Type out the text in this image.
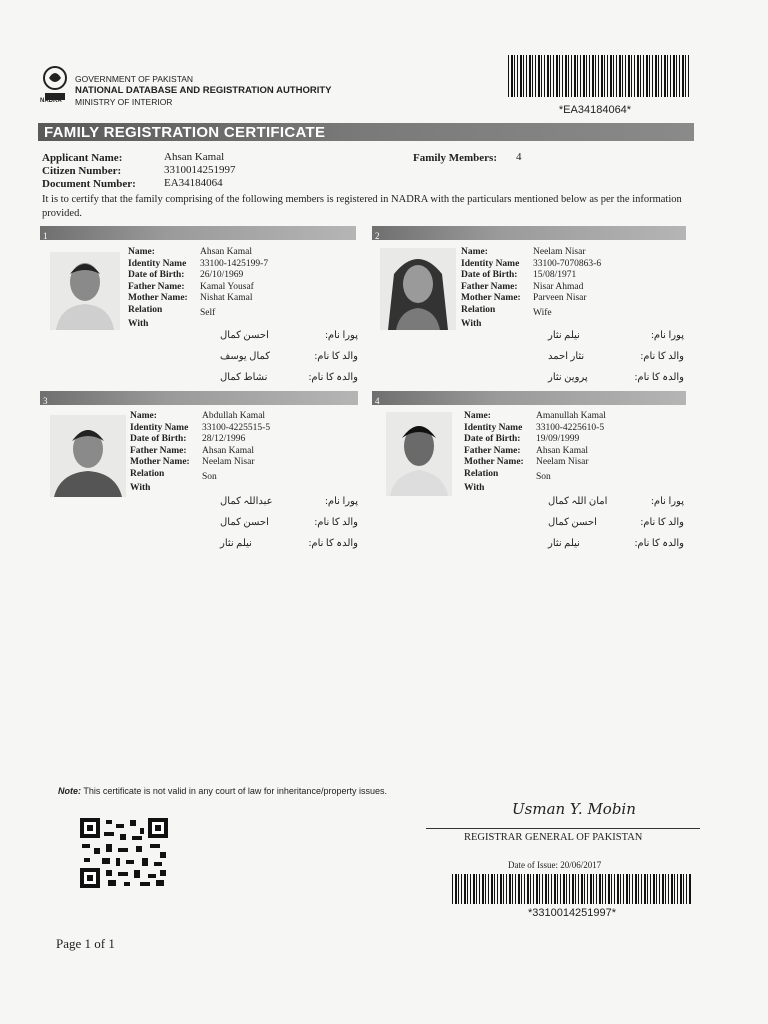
NADRA
GOVERNMENT OF PAKISTAN
NATIONAL DATABASE AND REGISTRATION AUTHORITY
MINISTRY OF INTERIOR
*EA34184064*
FAMILY REGISTRATION CERTIFICATE
Applicant Name:	Ahsan Kamal
Citizen Number:	3310014251997
Document Number:	EA34184064
Family Members: 4
It is to certify that the family comprising of the following members is registered in NADRA with the particulars mentioned below as per the information provided.
1
Name:	Ahsan Kamal
Identity Name	33100-1425199-7
Date of Birth:	26/10/1969
Father Name:	Kamal Yousaf
Mother Name:	Nishat Kamal
Relation	Self
With
احسن کمال	پورا نام:
کمال یوسف	والد کا نام:
نشاط کمال	والدہ کا نام:
2
Name:	Neelam Nisar
Identity Name	33100-7070863-6
Date of Birth:	15/08/1971
Father Name:	Nisar Ahmad
Mother Name:	Parveen Nisar
Relation	Wife
With
نیلم نثار	پورا نام:
نثار احمد	والد کا نام:
پروین نثار	والدہ کا نام:
3
Name:	Abdullah Kamal
Identity Name	33100-4225515-5
Date of Birth:	28/12/1996
Father Name:	Ahsan Kamal
Mother Name:	Neelam Nisar
Relation	Son
With
عبداللہ کمال	پورا نام:
احسن کمال	والد کا نام:
نیلم نثار	والدہ کا نام:
4
Name:	Amanullah Kamal
Identity Name	33100-4225610-5
Date of Birth:	19/09/1999
Father Name:	Ahsan Kamal
Mother Name:	Neelam Nisar
Relation	Son
With
امان اللہ کمال	پورا نام:
احسن کمال	والد کا نام:
نیلم نثار	والدہ کا نام:
Note: This certificate is not valid in any court of law for inheritance/property issues.
Usman Y. Mobin
REGISTRAR GENERAL OF PAKISTAN
Date of Issue: 20/06/2017
*3310014251997*
Page 1 of 1
